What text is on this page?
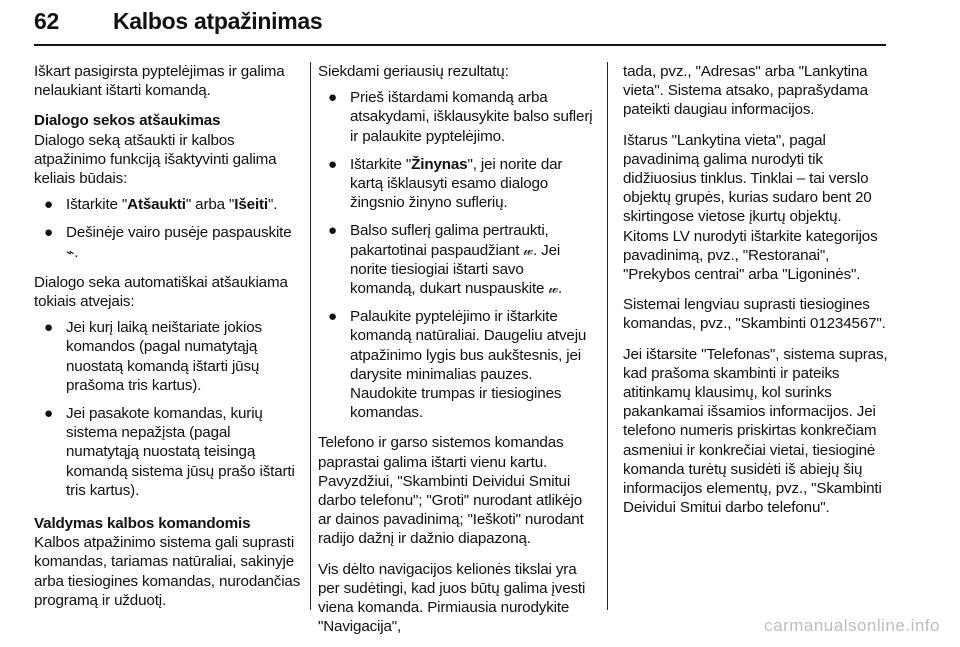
62 Kalbos atpažinimas

Iškart pasigirsta pyptelėjimas ir galima nelaukiant ištarti komandą.

Dialogo sekos atšaukimas

Dialogo seką atšaukti ir kalbos atpažinimo funkciją išaktyvinti galima keliais būdais:

● Ištarkite "Atšaukti" arba "Išeiti".
● Dešinėje vairo pusėje paspauskite ⌁.

Dialogo seka automatiškai atšaukiama tokiais atvejais:

● Jei kurį laiką neištariate jokios komandos (pagal numatytąją nuostatą komandą ištarti jūsų prašoma tris kartus).
● Jei pasakote komandas, kurių sistema nepažįsta (pagal numatytąją nuostatą teisingą komandą sistema jūsų prašo ištarti tris kartus).

Valdymas kalbos komandomis

Kalbos atpažinimo sistema gali suprasti komandas, tariamas natūraliai, sakinyje arba tiesiogines komandas, nurodančias programą ir užduotį.

Siekdami geriausių rezultatų:

● Prieš ištardami komandą arba atsakydami, išklausykite balso suflerį ir palaukite pyptelėjimo.
● Ištarkite "Žinynas", jei norite dar kartą išklausyti esamo dialogo žingsnio žinyno suflerių.
● Balso suflerį galima pertraukti, pakartotinai paspaudžiant 𝓌. Jei norite tiesiogiai ištarti savo komandą, dukart nuspauskite 𝓌.
● Palaukite pyptelėjimo ir ištarkite komandą natūraliai. Daugeliu atveju atpažinimo lygis bus aukštesnis, jei darysite minimalias pauzes. Naudokite trumpas ir tiesiogines komandas.

Telefono ir garso sistemos komandas paprastai galima ištarti vienu kartu. Pavyzdžiui, "Skambinti Deividui Smitui darbo telefonu"; "Groti" nurodant atlikėjo ar dainos pavadinimą; "Ieškoti" nurodant radijo dažnį ir dažnio diapazoną.

Vis dėlto navigacijos kelionės tikslai yra per sudėtingi, kad juos būtų galima įvesti viena komanda. Pirmiausia nurodykite "Navigacija",

tada, pvz., "Adresas" arba "Lankytina vieta". Sistema atsako, paprašydama pateikti daugiau informacijos.

Ištarus "Lankytina vieta", pagal pavadinimą galima nurodyti tik didžiuosius tinklus. Tinklai – tai verslo objektų grupės, kurias sudaro bent 20 skirtingose vietose įkurtų objektų. Kitoms LV nurodyti ištarkite kategorijos pavadinimą, pvz., "Restoranai", "Prekybos centrai" arba "Ligoninės".

Sistemai lengviau suprasti tiesiogines komandas, pvz., "Skambinti 01234567".

Jei ištarsite "Telefonas", sistema supras, kad prašoma skambinti ir pateiks atitinkamų klausimų, kol surinks pakankamai išsamios informacijos. Jei telefono numeris priskirtas konkrečiam asmeniui ir konkrečiai vietai, tiesioginė komanda turėtų susidėti iš abiejų šių informacijos elementų, pvz., "Skambinti Deividui Smitui darbo telefonu".

carmanualsonline.info
